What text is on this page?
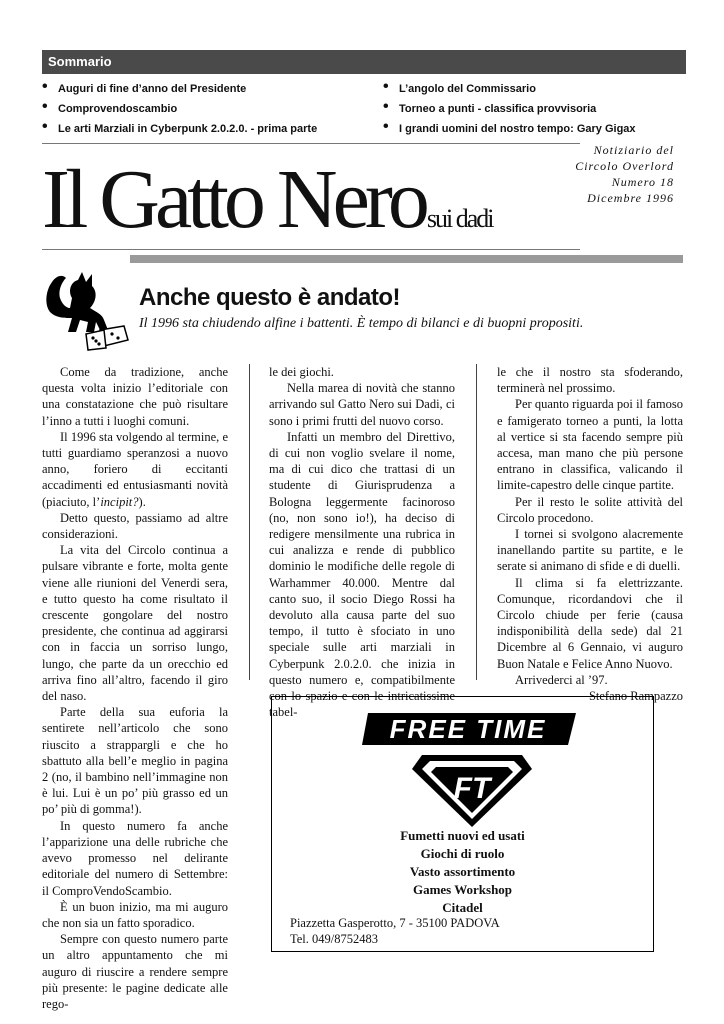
Sommario
• Auguri di fine d’anno del Presidente
• Comprovendoscambio
• Le arti Marziali in Cyberpunk 2.0.2.0. - prima parte
• L’angolo del Commissario
• Torneo a punti - classifica provvisoria
• I grandi uomini del nostro tempo: Gary Gigax
Il Gatto Nerosui dadi
Notiziario del
Circolo Overlord
Numero 18
Dicembre 1996
Anche questo è andato!
Il 1996 sta chiudendo alfine i battenti. È tempo di bilanci e di buopni propositi.

Come da tradizione, anche questa volta inizio l’editoriale con una constatazione che può risultare l’inno a tutti i luoghi comuni.

Il 1996 sta volgendo al termine, e tutti guardiamo speranzosi a nuovo anno, foriero di eccitanti accadimenti ed entusiasmanti novità (piaciuto, l’incipit?).

Detto questo, passiamo ad altre considerazioni.

La vita del Circolo continua a pulsare vibrante e forte, molta gente viene alle riunioni del Venerdi sera, e tutto questo ha come risultato il crescente gongolare del nostro presidente, che continua ad aggirarsi con in faccia un sorriso lungo, lungo, che parte da un orecchio ed arriva fino all’altro, facendo il giro del naso.

Parte della sua euforia la sentirete nell’articolo che sono riuscito a strappargli e che ho sbattuto alla bell’e meglio in pagina 2 (no, il bambino nell’immagine non è lui. Lui è un po’ più grasso ed un po’ più di gomma!).

In questo numero fa anche l’apparizione una delle rubriche che avevo promesso nel delirante editoriale del numero di Settembre: il ComproVendoScambio.

È un buon inizio, ma mi auguro che non sia un fatto sporadico.

Sempre con questo numero parte un altro appuntamento che mi auguro di riuscire a rendere sempre più presente: le pagine dedicate alle rego-

le dei giochi.

Nella marea di novità che stanno arrivando sul Gatto Nero sui Dadi, ci sono i primi frutti del nuovo corso.

Infatti un membro del Direttivo, di cui non voglio svelare il nome, ma di cui dico che trattasi di un studente di Giurisprudenza a Bologna leggermente facinoroso (no, non sono io!), ha deciso di redigere mensilmente una rubrica in cui analizza e rende di pubblico dominio le modifiche delle regole di Warhammer 40.000. Mentre dal canto suo, il socio Diego Rossi ha devoluto alla causa parte del suo tempo, il tutto è sfociato in uno speciale sulle arti marziali in Cyberpunk 2.0.2.0. che inizia in questo numero e, compatibilmente con lo spazio e con le intricatissime tabel-

le che il nostro sta sfoderando, terminerà nel prossimo.

Per quanto riguarda poi il famoso e famigerato torneo a punti, la lotta al vertice si sta facendo sempre più accesa, man mano che più persone entrano in classifica, valicando il limite-capestro delle cinque partite.

Per il resto le solite attività del Circolo procedono.

I tornei si svolgono alacremente inanellando partite su partite, e le serate si animano di sfide e di duelli.

Il clima si fa elettrizzante. Comunque, ricordandovi che il Circolo chiude per ferie (causa indisponibilità della sede) dal 21 Dicembre al 6 Gennaio, vi auguro Buon Natale e Felice Anno Nuovo.

Arrivederci al ’97.

Stefano Rampazzo

FREE TIME
FT
Fumetti nuovi ed usati
Giochi di ruolo
Vasto assortimento
Games Workshop
Citadel
Piazzetta Gasperotto, 7 - 35100 PADOVA
Tel. 049/8752483
